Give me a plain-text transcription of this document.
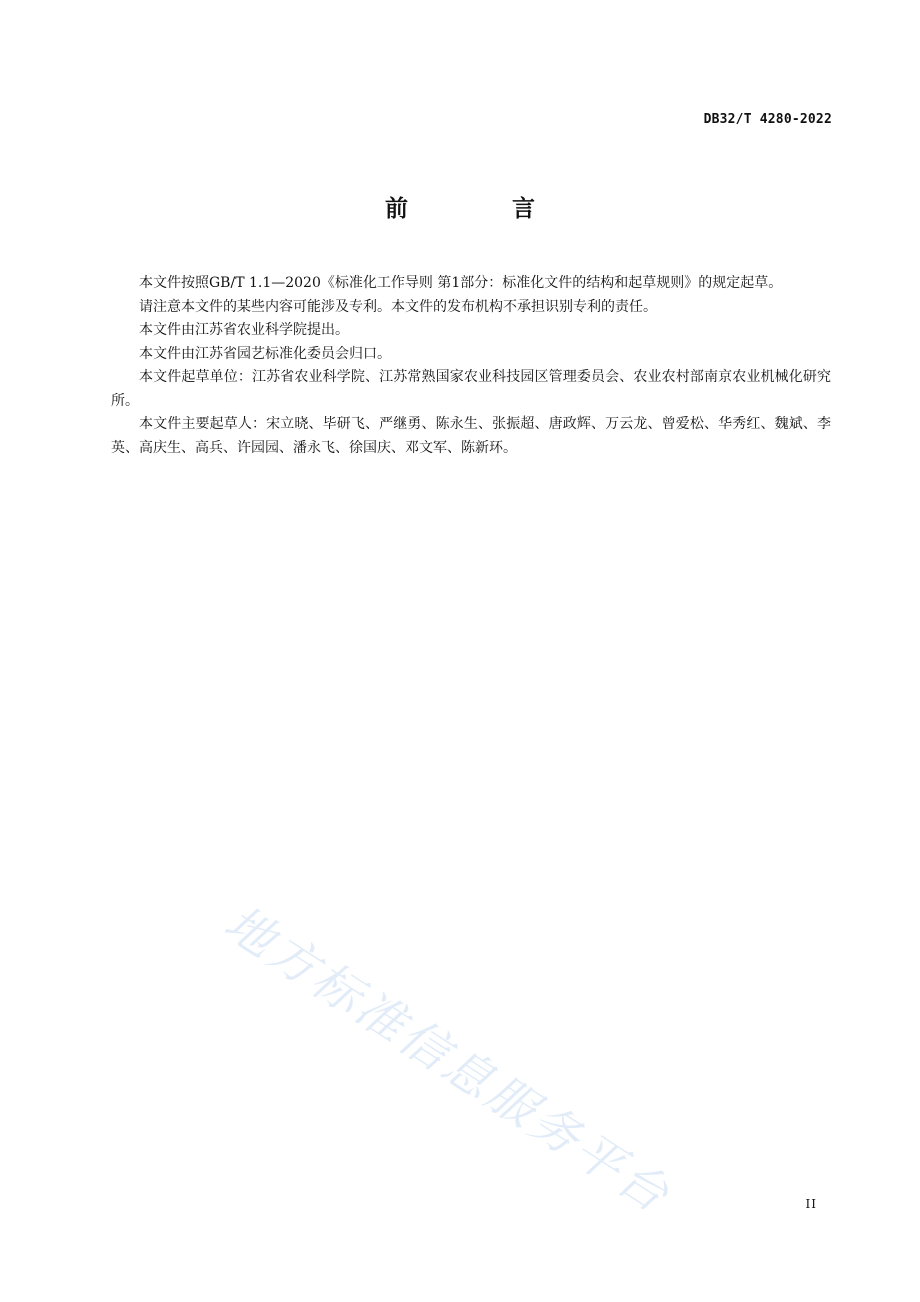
DB32/T 4280-2022
前 言

本文件按照GB/T 1.1—2020《标准化工作导则 第1部分：标准化文件的结构和起草规则》的规定起草。

请注意本文件的某些内容可能涉及专利。本文件的发布机构不承担识别专利的责任。

本文件由江苏省农业科学院提出。

本文件由江苏省园艺标准化委员会归口。

本文件起草单位：江苏省农业科学院、江苏常熟国家农业科技园区管理委员会、农业农村部南京农业机械化研究所。

本文件主要起草人：宋立晓、毕研飞、严继勇、陈永生、张振超、唐政辉、万云龙、曾爱松、华秀红、魏斌、李英、高庆生、高兵、许园园、潘永飞、徐国庆、邓文军、陈新环。

地方标准信息服务平台	II
